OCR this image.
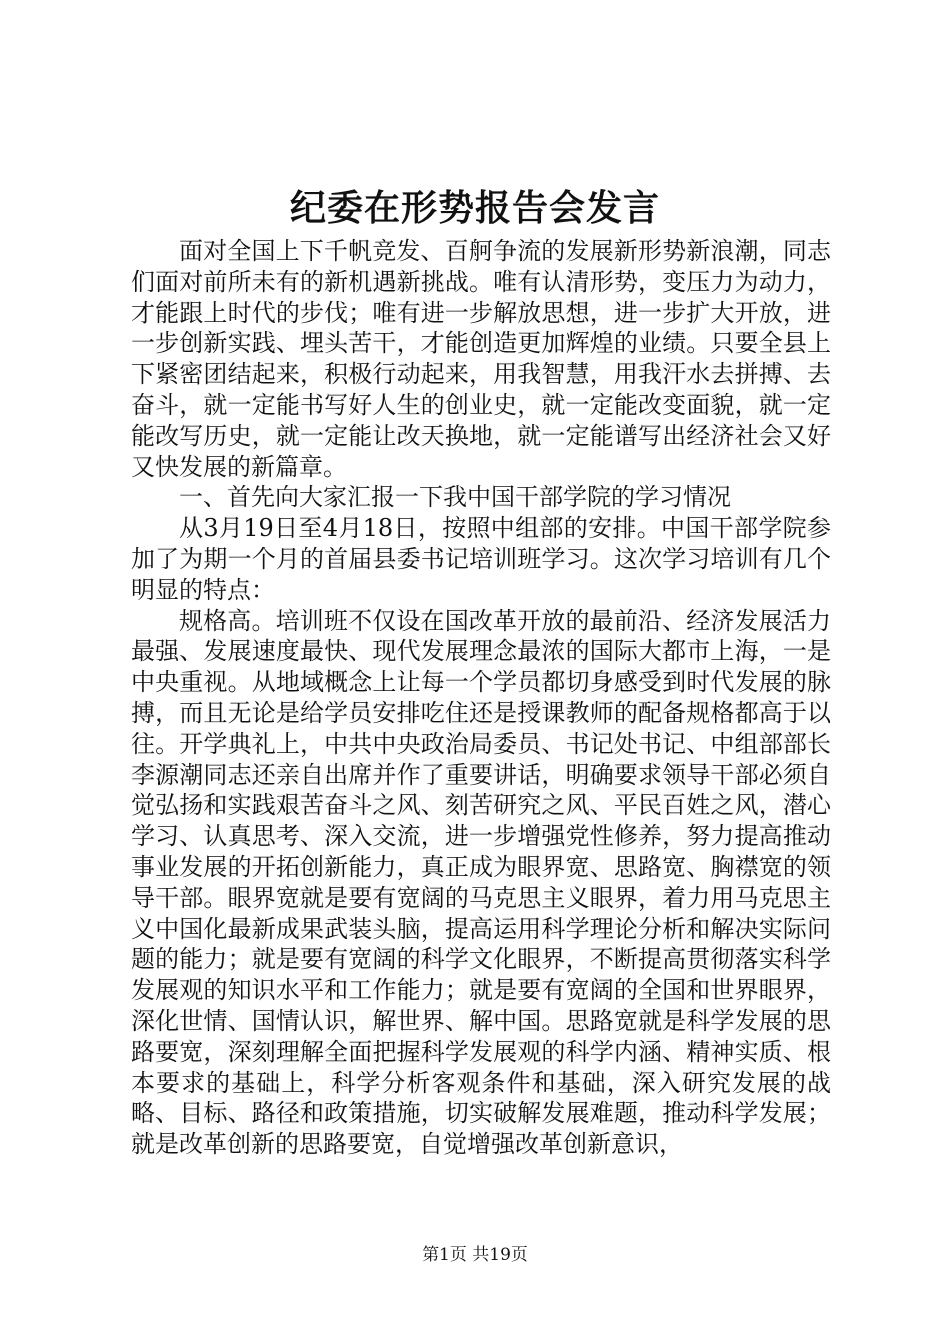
纪委在形势报告会发言

面对全国上下千帆竞发、百舸争流的发展新形势新浪潮，同志们面对前所未有的新机遇新挑战。唯有认清形势，变压力为动力，才能跟上时代的步伐；唯有进一步解放思想，进一步扩大开放，进一步创新实践、埋头苦干，才能创造更加辉煌的业绩。只要全县上下紧密团结起来，积极行动起来，用我智慧，用我汗水去拼搏、去奋斗，就一定能书写好人生的创业史，就一定能改变面貌，就一定能改写历史，就一定能让改天换地，就一定能谱写出经济社会又好又快发展的新篇章。

一、首先向大家汇报一下我中国干部学院的学习情况

从3月19日至4月18日，按照中组部的安排。中国干部学院参加了为期一个月的首届县委书记培训班学习。这次学习培训有几个明显的特点：

规格高。培训班不仅设在国改革开放的最前沿、经济发展活力最强、发展速度最快、现代发展理念最浓的国际大都市上海，一是中央重视。从地域概念上让每一个学员都切身感受到时代发展的脉搏，而且无论是给学员安排吃住还是授课教师的配备规格都高于以往。开学典礼上，中共中央政治局委员、书记处书记、中组部部长李源潮同志还亲自出席并作了重要讲话，明确要求领导干部必须自觉弘扬和实践艰苦奋斗之风、刻苦研究之风、平民百姓之风，潜心学习、认真思考、深入交流，进一步增强党性修养，努力提高推动事业发展的开拓创新能力，真正成为眼界宽、思路宽、胸襟宽的领导干部。眼界宽就是要有宽阔的马克思主义眼界，着力用马克思主义中国化最新成果武装头脑，提高运用科学理论分析和解决实际问题的能力；就是要有宽阔的科学文化眼界，不断提高贯彻落实科学发展观的知识水平和工作能力；就是要有宽阔的全国和世界眼界，深化世情、国情认识，解世界、解中国。思路宽就是科学发展的思路要宽，深刻理解全面把握科学发展观的科学内涵、精神实质、根本要求的基础上，科学分析客观条件和基础，深入研究发展的战略、目标、路径和政策措施，切实破解发展难题，推动科学发展；就是改革创新的思路要宽，自觉增强改革创新意识，

第1页 共19页
